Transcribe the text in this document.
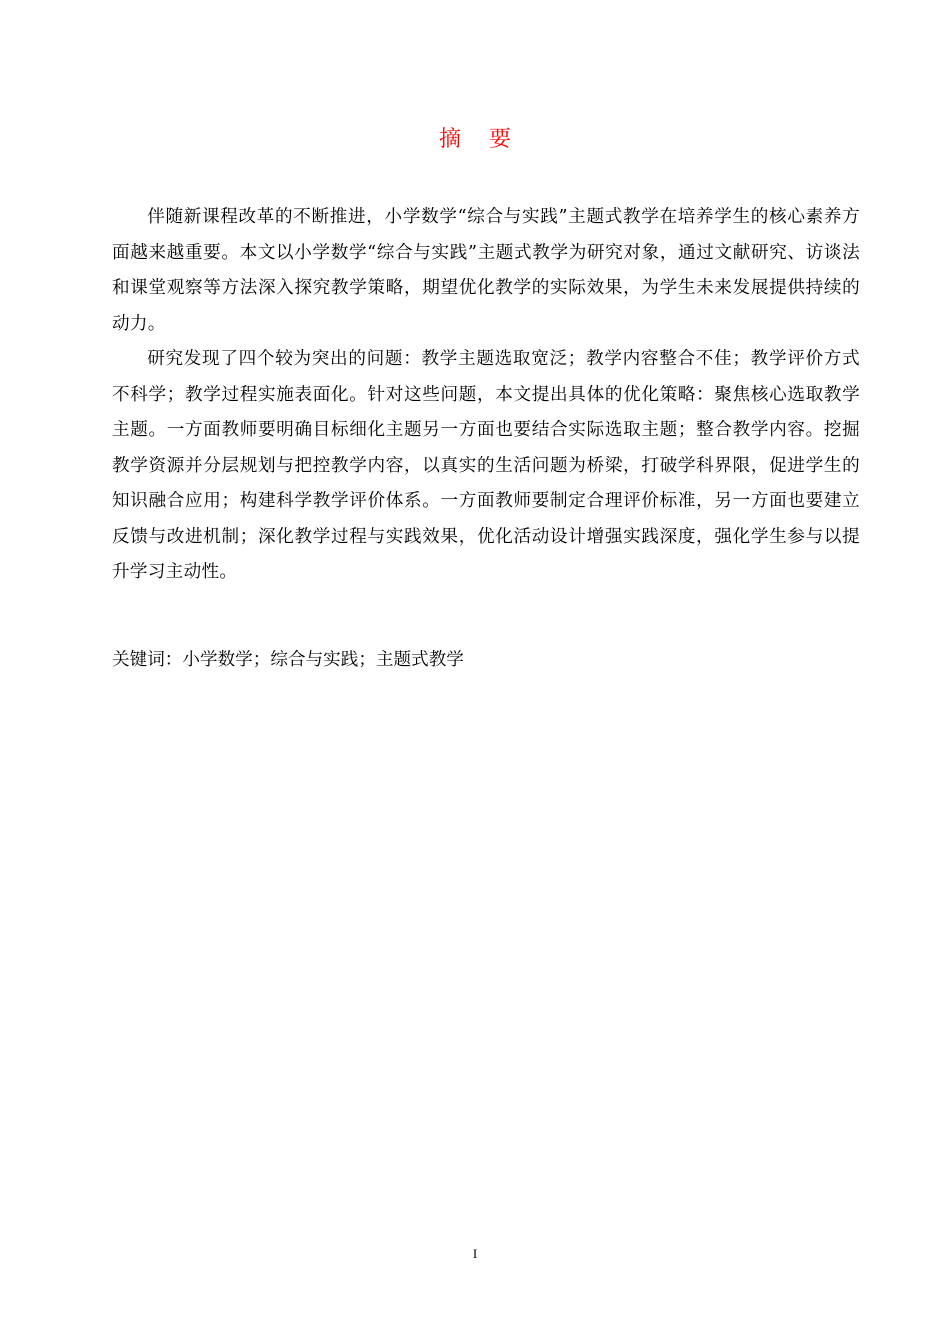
摘要

伴随新课程改革的不断推进，小学数学“综合与实践”主题式教学在培养学生的核心素养方面越来越重要。本文以小学数学“综合与实践”主题式教学为研究对象，通过文献研究、访谈法和课堂观察等方法深入探究教学策略，期望优化教学的实际效果，为学生未来发展提供持续的动力。

研究发现了四个较为突出的问题：教学主题选取宽泛；教学内容整合不佳；教学评价方式不科学；教学过程实施表面化。针对这些问题，本文提出具体的优化策略：聚焦核心选取教学主题。一方面教师要明确目标细化主题另一方面也要结合实际选取主题；整合教学内容。挖掘教学资源并分层规划与把控教学内容，以真实的生活问题为桥梁，打破学科界限，促进学生的知识融合应用；构建科学教学评价体系。一方面教师要制定合理评价标准，另一方面也要建立反馈与改进机制；深化教学过程与实践效果，优化活动设计增强实践深度，强化学生参与以提升学习主动性。

关键词：小学数学；综合与实践；主题式教学
I
